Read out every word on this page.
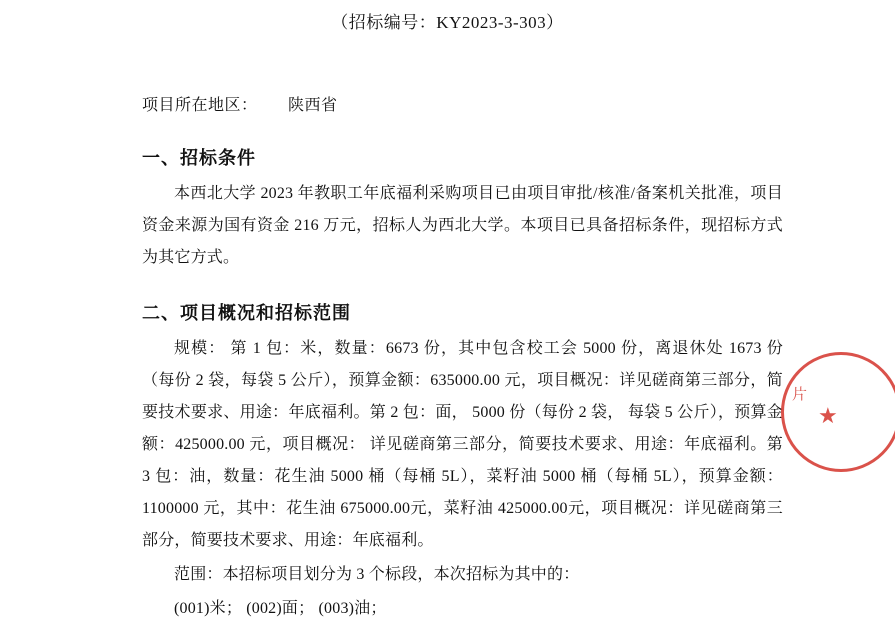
（招标编号：KY2023-3-303）
项目所在地区： 陕西省
一、招标条件

本西北大学 2023 年教职工年底福利采购项目已由项目审批/核准/备案机关批准，项目资金来源为国有资金 216 万元，招标人为西北大学。本项目已具备招标条件，现招标方式为其它方式。

二、项目概况和招标范围

规模： 第 1 包：米，数量：6673 份，其中包含校工会 5000 份，离退休处 1673 份（每份 2 袋，每袋 5 公斤），预算金额：635000.00 元，项目概况：详见磋商第三部分，简要技术要求、用途：年底福利。第 2 包：面， 5000 份（每份 2 袋， 每袋 5 公斤），预算金额：425000.00 元，项目概况： 详见磋商第三部分，简要技术要求、用途：年底福利。第 3 包：油，数量：花生油 5000 桶（每桶 5L），菜籽油 5000 桶（每桶 5L），预算金额：1100000 元，其中：花生油 675000.00元，菜籽油 425000.00元，项目概况：详见磋商第三部分，简要技术要求、用途：年底福利。

范围：本招标项目划分为 3 个标段，本次招标为其中的：

(001)米； (002)面； (003)油；

片
★
